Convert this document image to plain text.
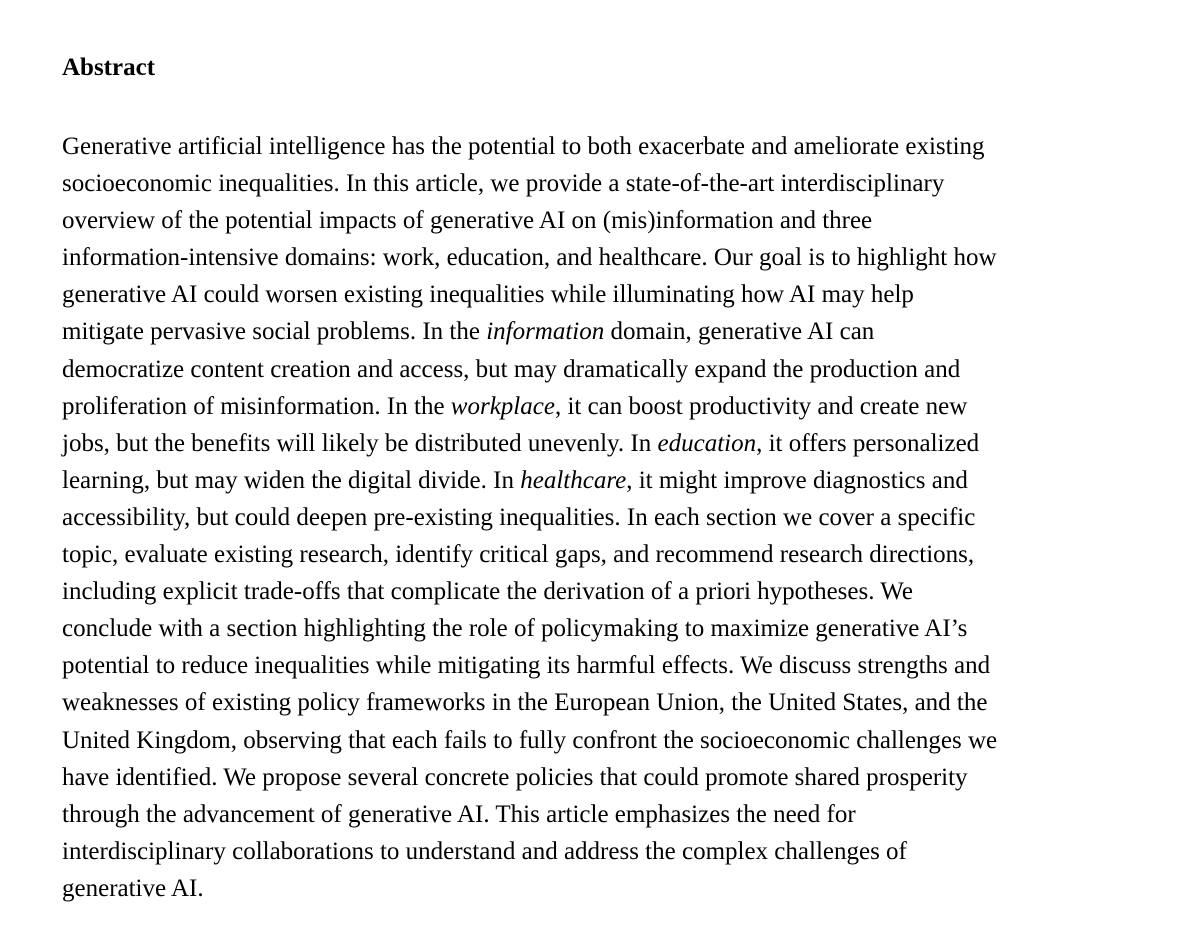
Abstract

Generative artificial intelligence has the potential to both exacerbate and ameliorate existing
socioeconomic inequalities. In this article, we provide a state-of-the-art interdisciplinary
overview of the potential impacts of generative AI on (mis)information and three
information-intensive domains: work, education, and healthcare. Our goal is to highlight how
generative AI could worsen existing inequalities while illuminating how AI may help
mitigate pervasive social problems. In the information domain, generative AI can
democratize content creation and access, but may dramatically expand the production and
proliferation of misinformation. In the workplace, it can boost productivity and create new
jobs, but the benefits will likely be distributed unevenly. In education, it offers personalized
learning, but may widen the digital divide. In healthcare, it might improve diagnostics and
accessibility, but could deepen pre-existing inequalities. In each section we cover a specific
topic, evaluate existing research, identify critical gaps, and recommend research directions,
including explicit trade-offs that complicate the derivation of a priori hypotheses. We
conclude with a section highlighting the role of policymaking to maximize generative AI’s
potential to reduce inequalities while mitigating its harmful effects. We discuss strengths and
weaknesses of existing policy frameworks in the European Union, the United States, and the
United Kingdom, observing that each fails to fully confront the socioeconomic challenges we
have identified. We propose several concrete policies that could promote shared prosperity
through the advancement of generative AI. This article emphasizes the need for
interdisciplinary collaborations to understand and address the complex challenges of
generative AI.
